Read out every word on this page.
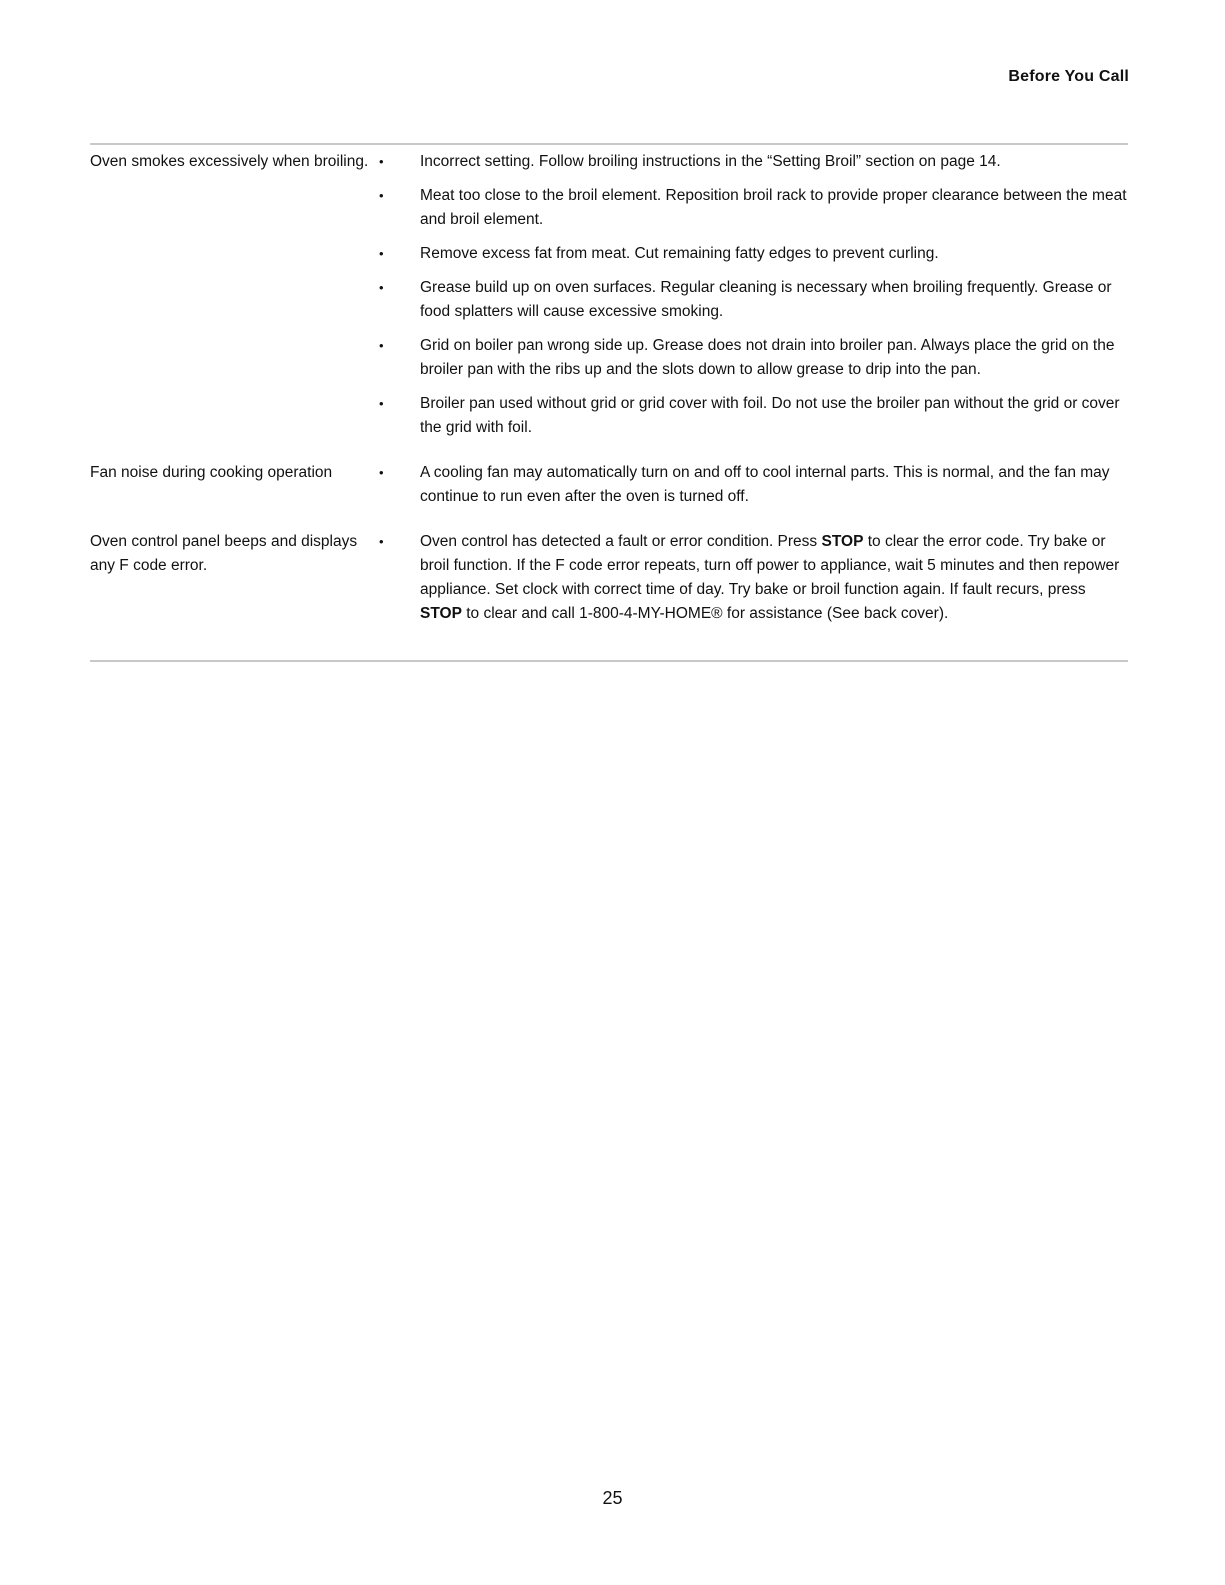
Before You Call
Oven smokes excessively when broiling. • Incorrect setting. Follow broiling instructions in the “Setting Broil” section on page 14.
• Meat too close to the broil element. Reposition broil rack to provide proper clearance between the meat and broil element.
• Remove excess fat from meat. Cut remaining fatty edges to prevent curling.
• Grease build up on oven surfaces. Regular cleaning is necessary when broiling frequently. Grease or food splatters will cause excessive smoking.
• Grid on boiler pan wrong side up. Grease does not drain into broiler pan. Always place the grid on the broiler pan with the ribs up and the slots down to allow grease to drip into the pan.
• Broiler pan used without grid or grid cover with foil. Do not use the broiler pan without the grid or cover the grid with foil.
Fan noise during cooking operation	• A cooling fan may automatically turn on and off to cool internal parts. This is normal, and the fan may continue to run even after the oven is turned off.
Oven control panel beeps and displays any F code error.
• Oven control has detected a fault or error condition. Press STOP to clear the error code. Try bake or broil function. If the F code error repeats, turn off power to appliance, wait 5 minutes and then repower appliance. Set clock with correct time of day. Try bake or broil function again. If fault recurs, press STOP to clear and call 1-800-4-MY-HOME® for assistance (See back cover).
25
